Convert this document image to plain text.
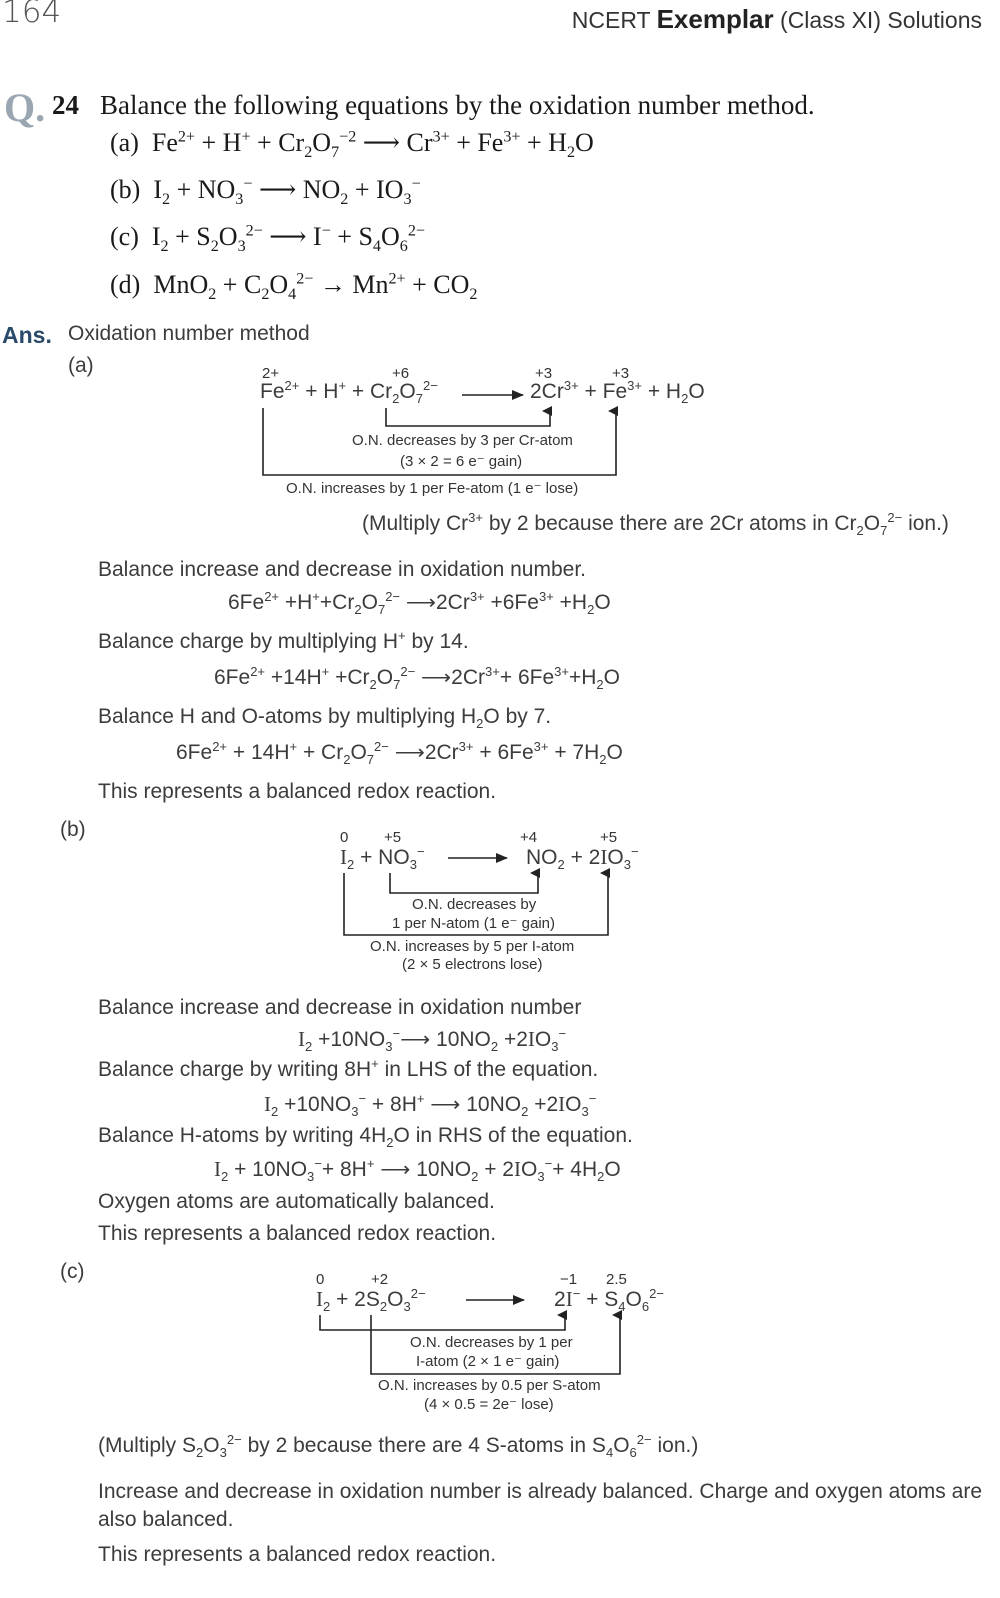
164	NCERT Exemplar (Class XI) Solutions
Q. 24 Balance the following equations by the oxidation number method.
(a)  $Fe^{2+} + H^+ + Cr_2O_7^{-2}$ ⟶ $Cr^{3+} + Fe^{3+} + H_2O$
(b)  $I_2 + NO_3^-$ ⟶ $NO_2 + IO_3^-$
(c)  $I_2 + S_2O_3^{2-}$ ⟶ $I^- + S_4O_6^{2-}$
(d)  $MnO_2 + C_2O_4^{2-} \to Mn^{2+} + CO_2$
Ans. Oxidation number method
(a)	2+	+6	+3	+3
$Fe^{2+} + H^+ + Cr_2O_7^{2-}$	$2Cr^{3+} + Fe^{3+} + H_2O$
O.N. decreases by 3 per Cr-atom
(3 × 2 = 6 e⁻ gain)
O.N. increases by 1 per Fe-atom (1 e⁻ lose)
(Multiply $Cr^{3+}$ by 2 because there are 2Cr atoms in $Cr_2O_7^{2-}$ ion.)
Balance increase and decrease in oxidation number.
$6Fe^{2+} +H^++Cr_2O_7^{2-}$ $⟶2Cr^{3+} +6Fe^{3+} +H_2O$
Balance charge by multiplying H+ by 14.
$6Fe^{2+} +14H^+ +Cr_2O_7^{2-}$ $⟶2Cr^{3+}+ 6Fe^{3+}+H_2O$
Balance H and O-atoms by multiplying $H_2O$ by 7.
$6Fe^{2+} + 14H^+ + Cr_2O_7^{2-}$ $⟶2Cr^{3+} + 6Fe^{3+} + 7H_2O$
This represents a balanced redox reaction.
(b)	0 +5	+4	+5
$I_2 + NO_3^-$	$NO_2 + 2IO_3^-$
O.N. decreases by
1 per N-atom (1 e⁻ gain)
O.N. increases by 5 per I-atom
(2 × 5 electrons lose)
Balance increase and decrease in oxidation number
$I_2$ $+10NO_3^-⟶$ $10NO_2 +2IO_3^-$
Balance charge by writing 8H+ in LHS of the equation.
$I_2 +10NO_3^- + 8H^+$ ⟶ $10NO_2 +2IO_3^-$
Balance H-atoms by writing $4H_2O$ in RHS of the equation.
$I_2 + 10NO_3^-+ 8H^+$ ⟶ $10NO_2 + 2IO_3^-+ 4H_2O$
Oxygen atoms are automatically balanced.
This represents a balanced redox reaction.
(c)	0	+2	−1 2.5
$I_2 + 2S_2O_3^{2-}$	$2I^- + S_4O_6^{2-}$
O.N. decreases by 1 per
I-atom (2 × 1 e⁻ gain)
O.N. increases by 0.5 per S-atom
(4 × 0.5 = 2e⁻ lose)
(Multiply $S_2O_3^{2-}$ by 2 because there are 4 S-atoms in $S_4O_6^{2-}$ ion.)
Increase and decrease in oxidation number is already balanced. Charge and oxygen atoms are also balanced.
This represents a balanced redox reaction.
